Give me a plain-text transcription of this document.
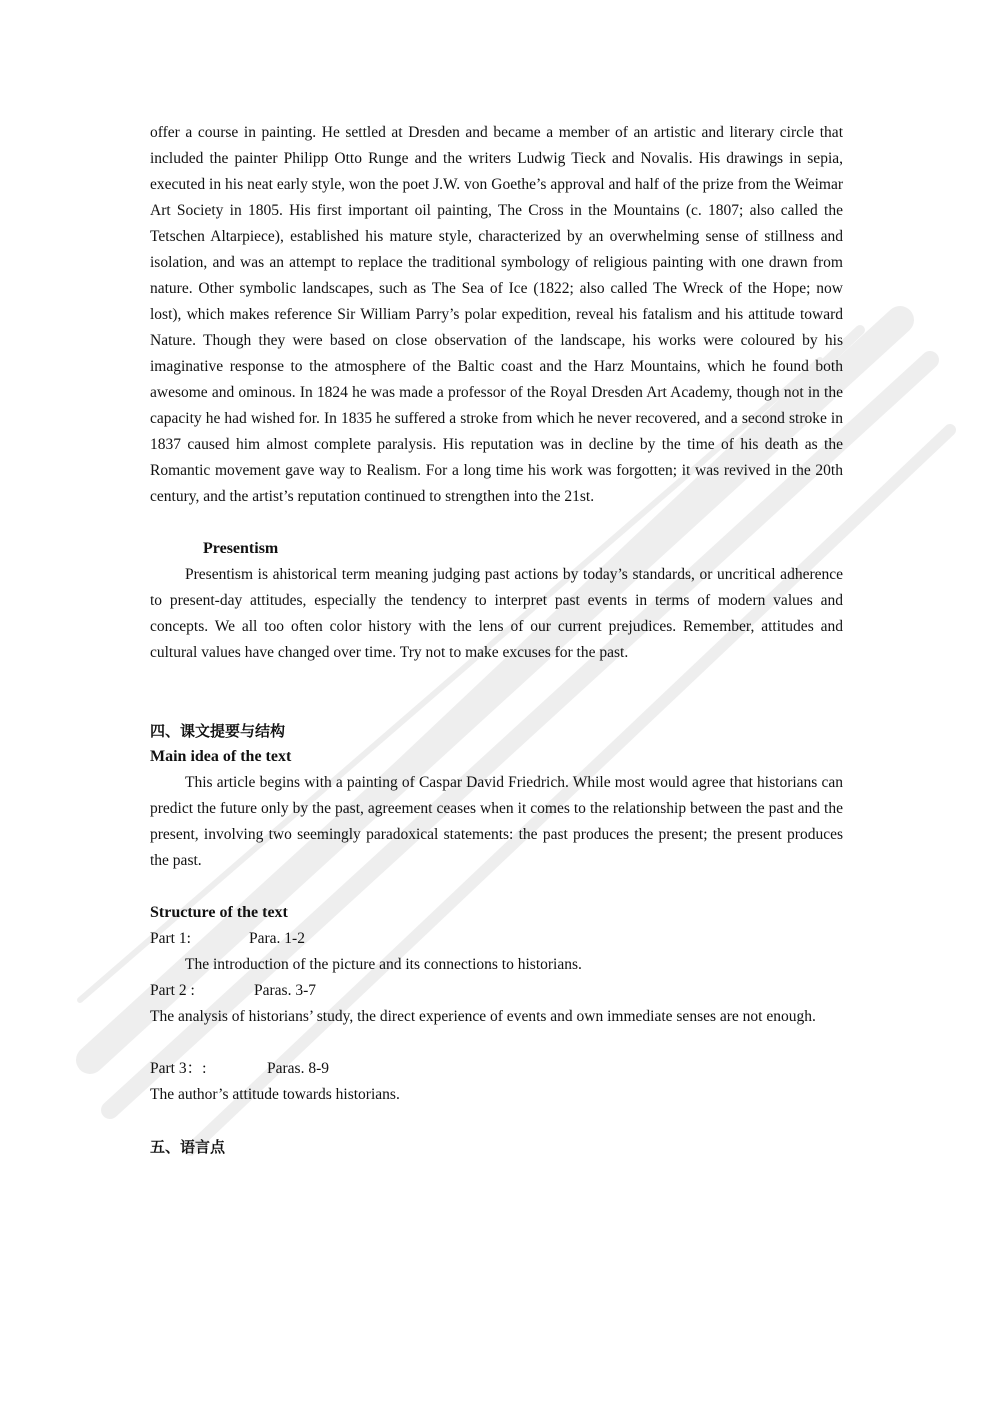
offer a course in painting. He settled at Dresden and became a member of an artistic and literary circle that included the painter Philipp Otto Runge and the writers Ludwig Tieck and Novalis. His drawings in sepia, executed in his neat early style, won the poet J.W. von Goethe’s approval and half of the prize from the Weimar Art Society in 1805. His first important oil painting, The Cross in the Mountains (c. 1807; also called the Tetschen Altarpiece), established his mature style, characterized by an overwhelming sense of stillness and isolation, and was an attempt to replace the traditional symbology of religious painting with one drawn from nature. Other symbolic landscapes, such as The Sea of Ice (1822; also called The Wreck of the Hope; now lost), which makes reference Sir William Parry’s polar expedition, reveal his fatalism and his attitude toward Nature. Though they were based on close observation of the landscape, his works were coloured by his imaginative response to the atmosphere of the Baltic coast and the Harz Mountains, which he found both awesome and ominous. In 1824 he was made a professor of the Royal Dresden Art Academy, though not in the capacity he had wished for. In 1835 he suffered a stroke from which he never recovered, and a second stroke in 1837 caused him almost complete paralysis. His reputation was in decline by the time of his death as the Romantic movement gave way to Realism. For a long time his work was forgotten; it was revived in the 20th century, and the artist’s reputation continued to strengthen into the 21st.

Presentism

Presentism is ahistorical term meaning judging past actions by today’s standards, or uncritical adherence to present-day attitudes, especially the tendency to interpret past events in terms of modern values and concepts. We all too often color history with the lens of our current prejudices. Remember, attitudes and cultural values have changed over time. Try not to make excuses for the past.

四、课文提要与结构

Main idea of the text

This article begins with a painting of Caspar David Friedrich. While most would agree that historians can predict the future only by the past, agreement ceases when it comes to the relationship between the past and the present, involving two seemingly paradoxical statements: the past produces the present; the present produces the past.

Structure of the text

Part 1:	Para. 1-2

The introduction of the picture and its connections to historians.

Part 2 :	Paras. 3-7

The analysis of historians’ study, the direct experience of events and own immediate senses are not enough.

Part 3：:	Paras. 8-9

The author’s attitude towards historians.

五、语言点
